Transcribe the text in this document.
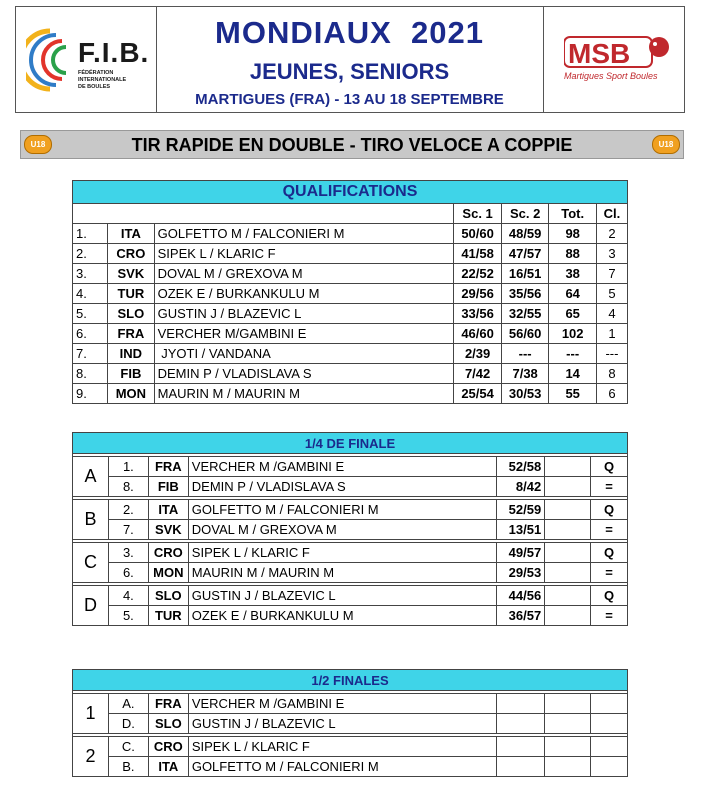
F.I.B.
FÉDÉRATION
INTERNATIONALE
DE BOULES
MONDIAUX  2021
JEUNES, SENIORS
MARTIGUES (FRA) - 13 AU 18 SEPTEMBRE
MSB
Martigues Sport Boules
U18	TIR RAPIDE EN DOUBLE - TIRO VELOCE A COPPIE	U18
QUALIFICATIONS						
			Sc. 1	Sc. 2	Tot.	Cl.
1.	ITA	GOLFETTO M / FALCONIERI M	50/60	48/59	98	2
2.	CRO	SIPEK L / KLARIC F	41/58	47/57	88	3
3.	SVK	DOVAL M / GREXOVA M	22/52	16/51	38	7
4.	TUR	OZEK E / BURKANKULU M	29/56	35/56	64	5
5.	SLO	GUSTIN J / BLAZEVIC L	33/56	32/55	65	4
6.	FRA	VERCHER M/GAMBINI E	46/60	56/60	102	1
7.	IND	JYOTI / VANDANA	2/39	---	---	---
8.	FIB	DEMIN P / VLADISLAVA S	7/42	7/38	14	8
9.	MON	MAURIN M / MAURIN M	25/54	30/53	55	6
1/4 DE FINALE						

A	1.	FRA	VERCHER M /GAMBINI E	52/58		Q
	8.	FIB	DEMIN P / VLADISLAVA S	8/42		=

B	2.	ITA	GOLFETTO M / FALCONIERI M	52/59		Q
	7.	SVK	DOVAL M / GREXOVA M	13/51		=

C	3.	CRO	SIPEK L / KLARIC F	49/57		Q
	6.	MON	MAURIN M / MAURIN M	29/53		=

D	4.	SLO	GUSTIN J / BLAZEVIC L	44/56		Q
	5.	TUR	OZEK E / BURKANKULU M	36/57		=
1/2 FINALES						

1	A.	FRA	VERCHER M /GAMBINI E			
	D.	SLO	GUSTIN J / BLAZEVIC L			

2	C.	CRO	SIPEK L / KLARIC F			
	B.	ITA	GOLFETTO M / FALCONIERI M			
